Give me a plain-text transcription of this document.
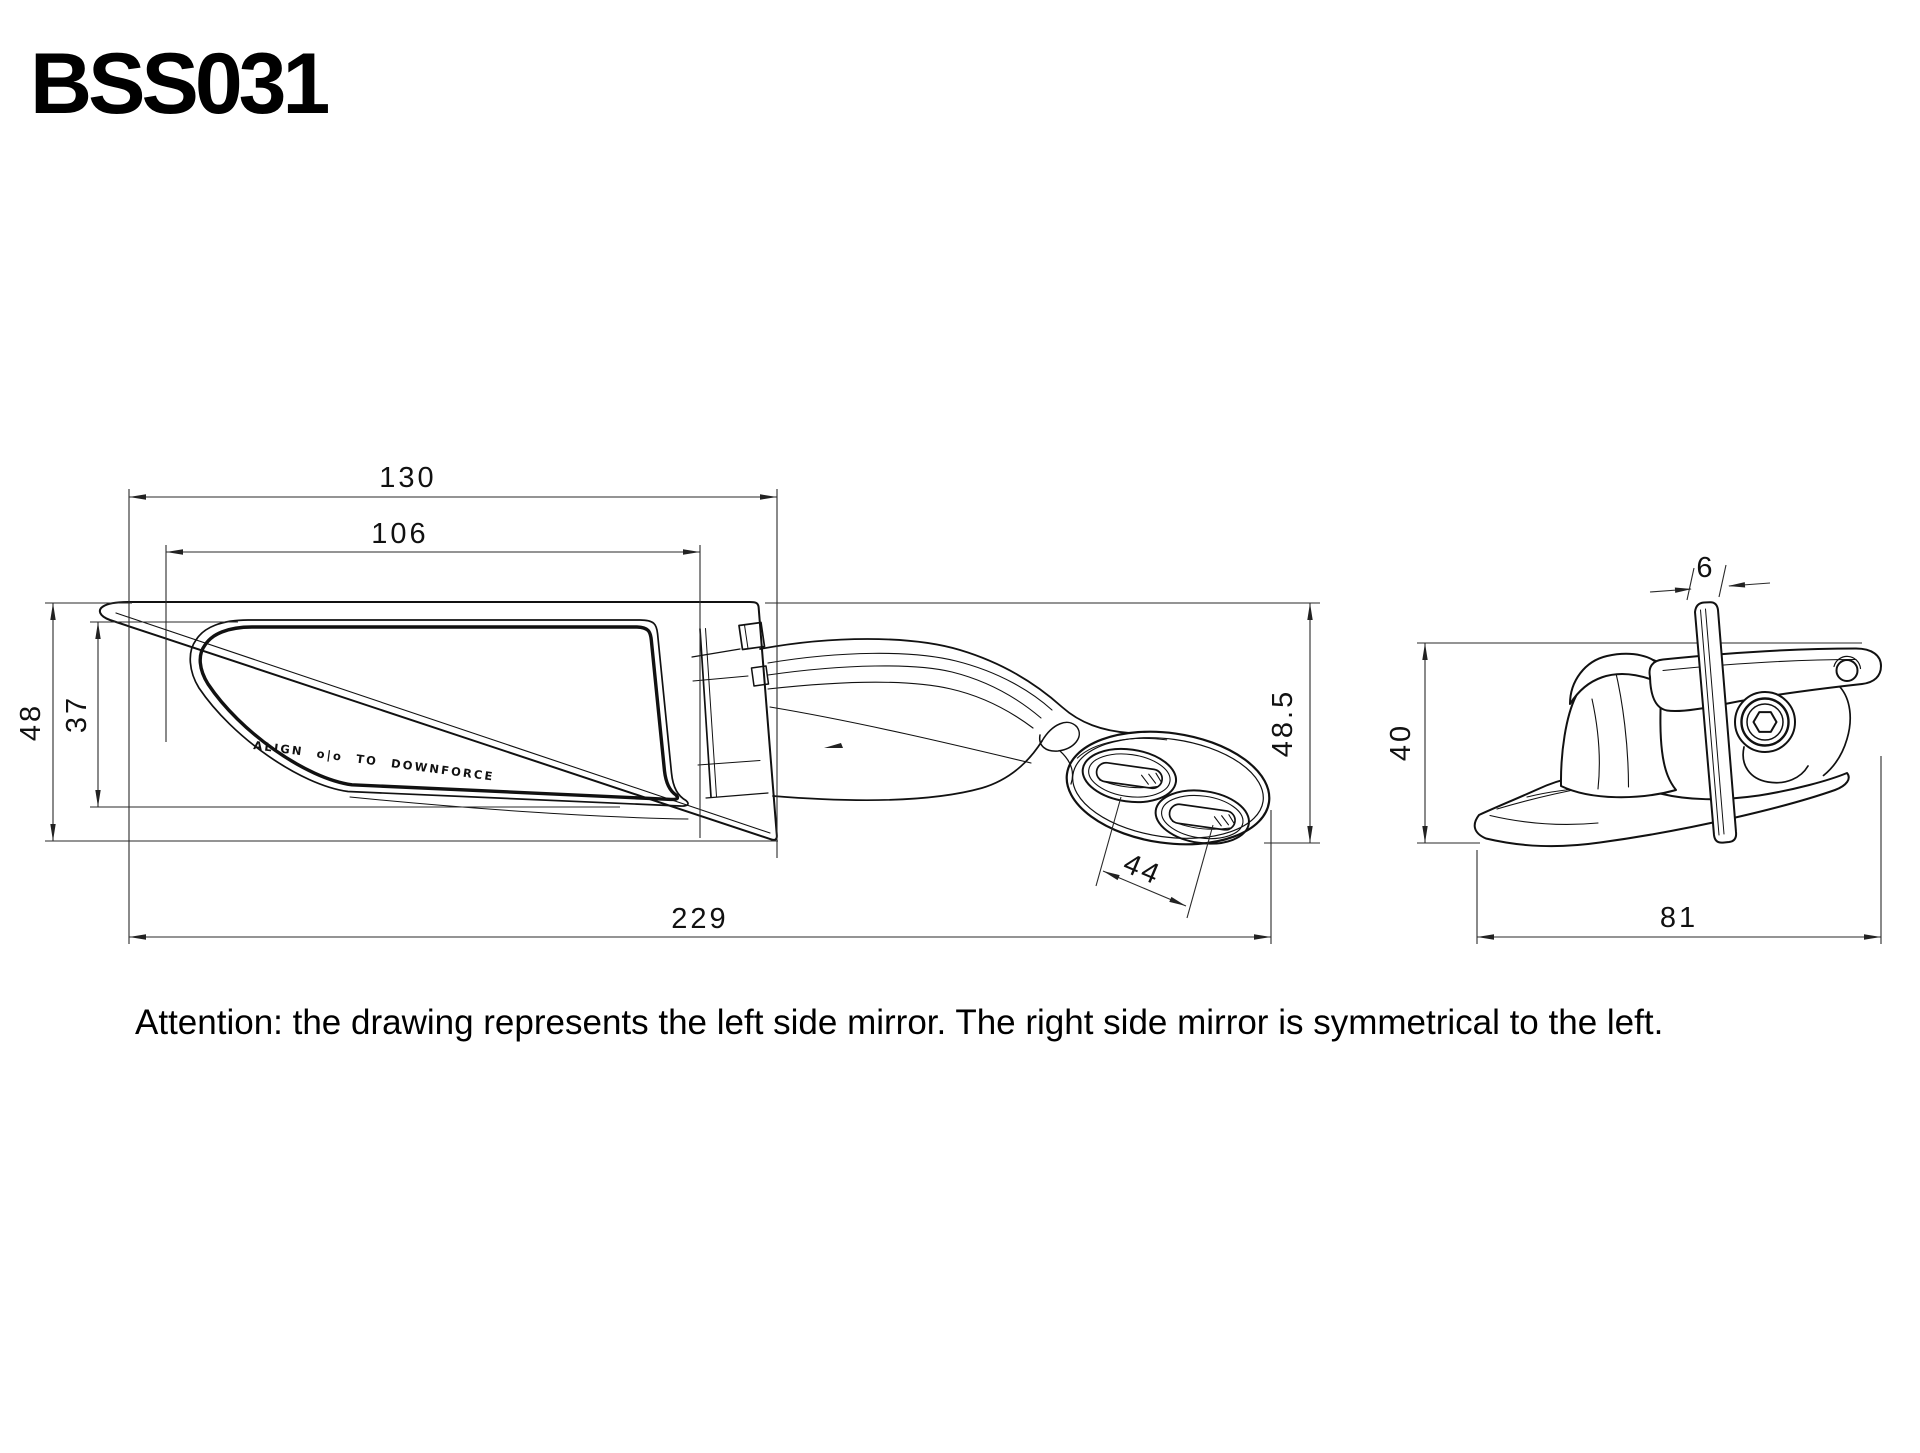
BSS031
ALIGN o|o TO DOWNFORCE
130
106
48 37
229
48.5
44
40
81
6
Attention: the drawing represents the left side mirror. The right side mirror is symmetrical to the left.
